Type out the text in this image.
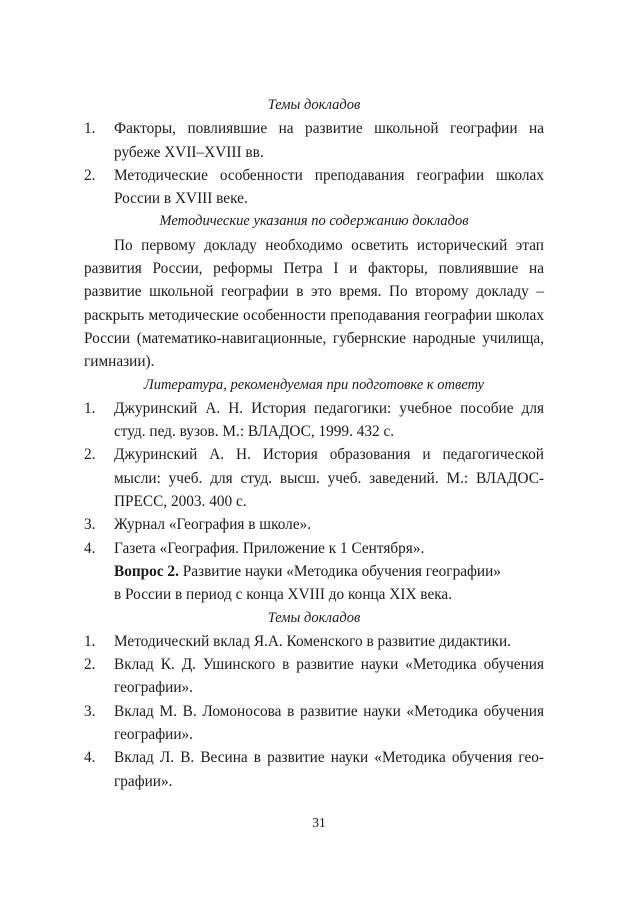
Темы докладов
1.	Факторы, повлиявшие на развитие школьной географии на рубеже XVII–XVIII вв.
2.	Методические особенности преподавания географии школах России в XVIII веке.
Методические указания по содержанию докладов

По первому докладу необходимо осветить исторический этап развития России, реформы Петра I и факторы, повлиявшие на развитие школьной географии в это время. По второму докладу – раскрыть методические особенности преподавания географии школах России (математико-навигационные, губернские народные училища, гимназии).

Литература, рекомендуемая при подготовке к ответу
1.	Джуринский А. Н. История педагогики: учебное пособие для студ. пед. вузов. М.: ВЛАДОС, 1999. 432 с.
2.	Джуринский А. Н. История образования и педагогической мысли: учеб. для студ. высш. учеб. заведений. М.: ВЛАДОС-ПРЕСС, 2003. 400 с.
3.	Журнал «География в школе».
4.	Газета «География. Приложение к 1 Сентября».
Вопрос 2. Развитие науки «Методика обучения географии»
в России в период с конца XVIII до конца XIX века.
Темы докладов
1.	Методический вклад Я.А. Коменского в развитие дидактики.
2.	Вклад К. Д. Ушинского в развитие науки «Методика обучения географии».
3.	Вклад М. В. Ломоносова в развитие науки «Методика обучения географии».
4.	Вклад Л. В. Весина в развитие науки «Методика обучения географии».
31
